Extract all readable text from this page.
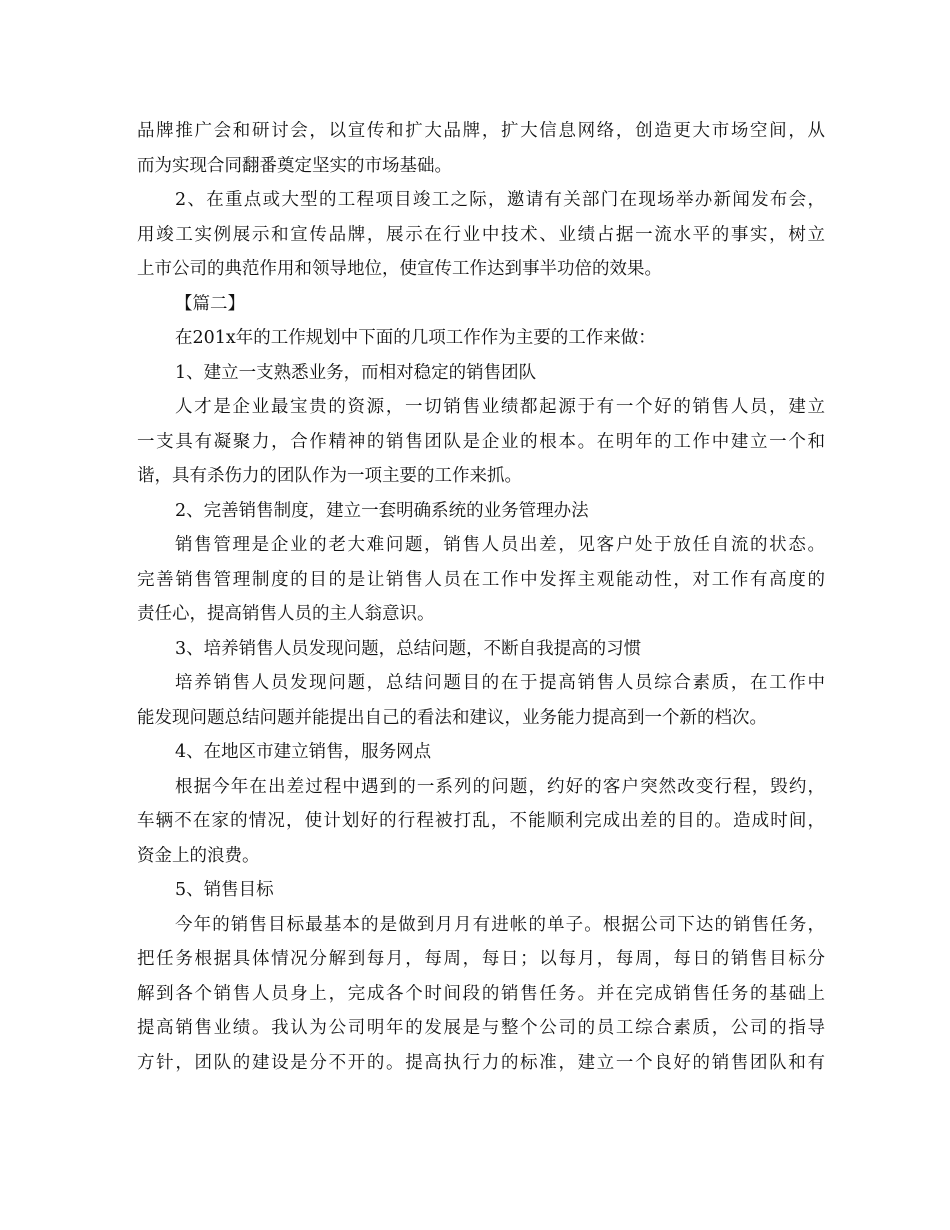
品牌推广会和研讨会，以宣传和扩大品牌，扩大信息网络，创造更大市场空间，从
而为实现合同翻番奠定坚实的市场基础。
2、在重点或大型的工程项目竣工之际，邀请有关部门在现场举办新闻发布会，
用竣工实例展示和宣传品牌，展示在行业中技术、业绩占据一流水平的事实，树立
上市公司的典范作用和领导地位，使宣传工作达到事半功倍的效果。
【篇二】
在201x年的工作规划中下面的几项工作作为主要的工作来做：
1、建立一支熟悉业务，而相对稳定的销售团队
人才是企业最宝贵的资源，一切销售业绩都起源于有一个好的销售人员，建立
一支具有凝聚力，合作精神的销售团队是企业的根本。在明年的工作中建立一个和
谐，具有杀伤力的团队作为一项主要的工作来抓。
2、完善销售制度，建立一套明确系统的业务管理办法
销售管理是企业的老大难问题，销售人员出差，见客户处于放任自流的状态。
完善销售管理制度的目的是让销售人员在工作中发挥主观能动性，对工作有高度的
责任心，提高销售人员的主人翁意识。
3、培养销售人员发现问题，总结问题，不断自我提高的习惯
培养销售人员发现问题，总结问题目的在于提高销售人员综合素质，在工作中
能发现问题总结问题并能提出自己的看法和建议，业务能力提高到一个新的档次。
4、在地区市建立销售，服务网点
根据今年在出差过程中遇到的一系列的问题，约好的客户突然改变行程，毁约，
车辆不在家的情况，使计划好的行程被打乱，不能顺利完成出差的目的。造成时间，
资金上的浪费。
5、销售目标
今年的销售目标最基本的是做到月月有进帐的单子。根据公司下达的销售任务，
把任务根据具体情况分解到每月，每周，每日；以每月，每周，每日的销售目标分
解到各个销售人员身上，完成各个时间段的销售任务。并在完成销售任务的基础上
提高销售业绩。我认为公司明年的发展是与整个公司的员工综合素质，公司的指导
方针，团队的建设是分不开的。提高执行力的标准，建立一个良好的销售团队和有
